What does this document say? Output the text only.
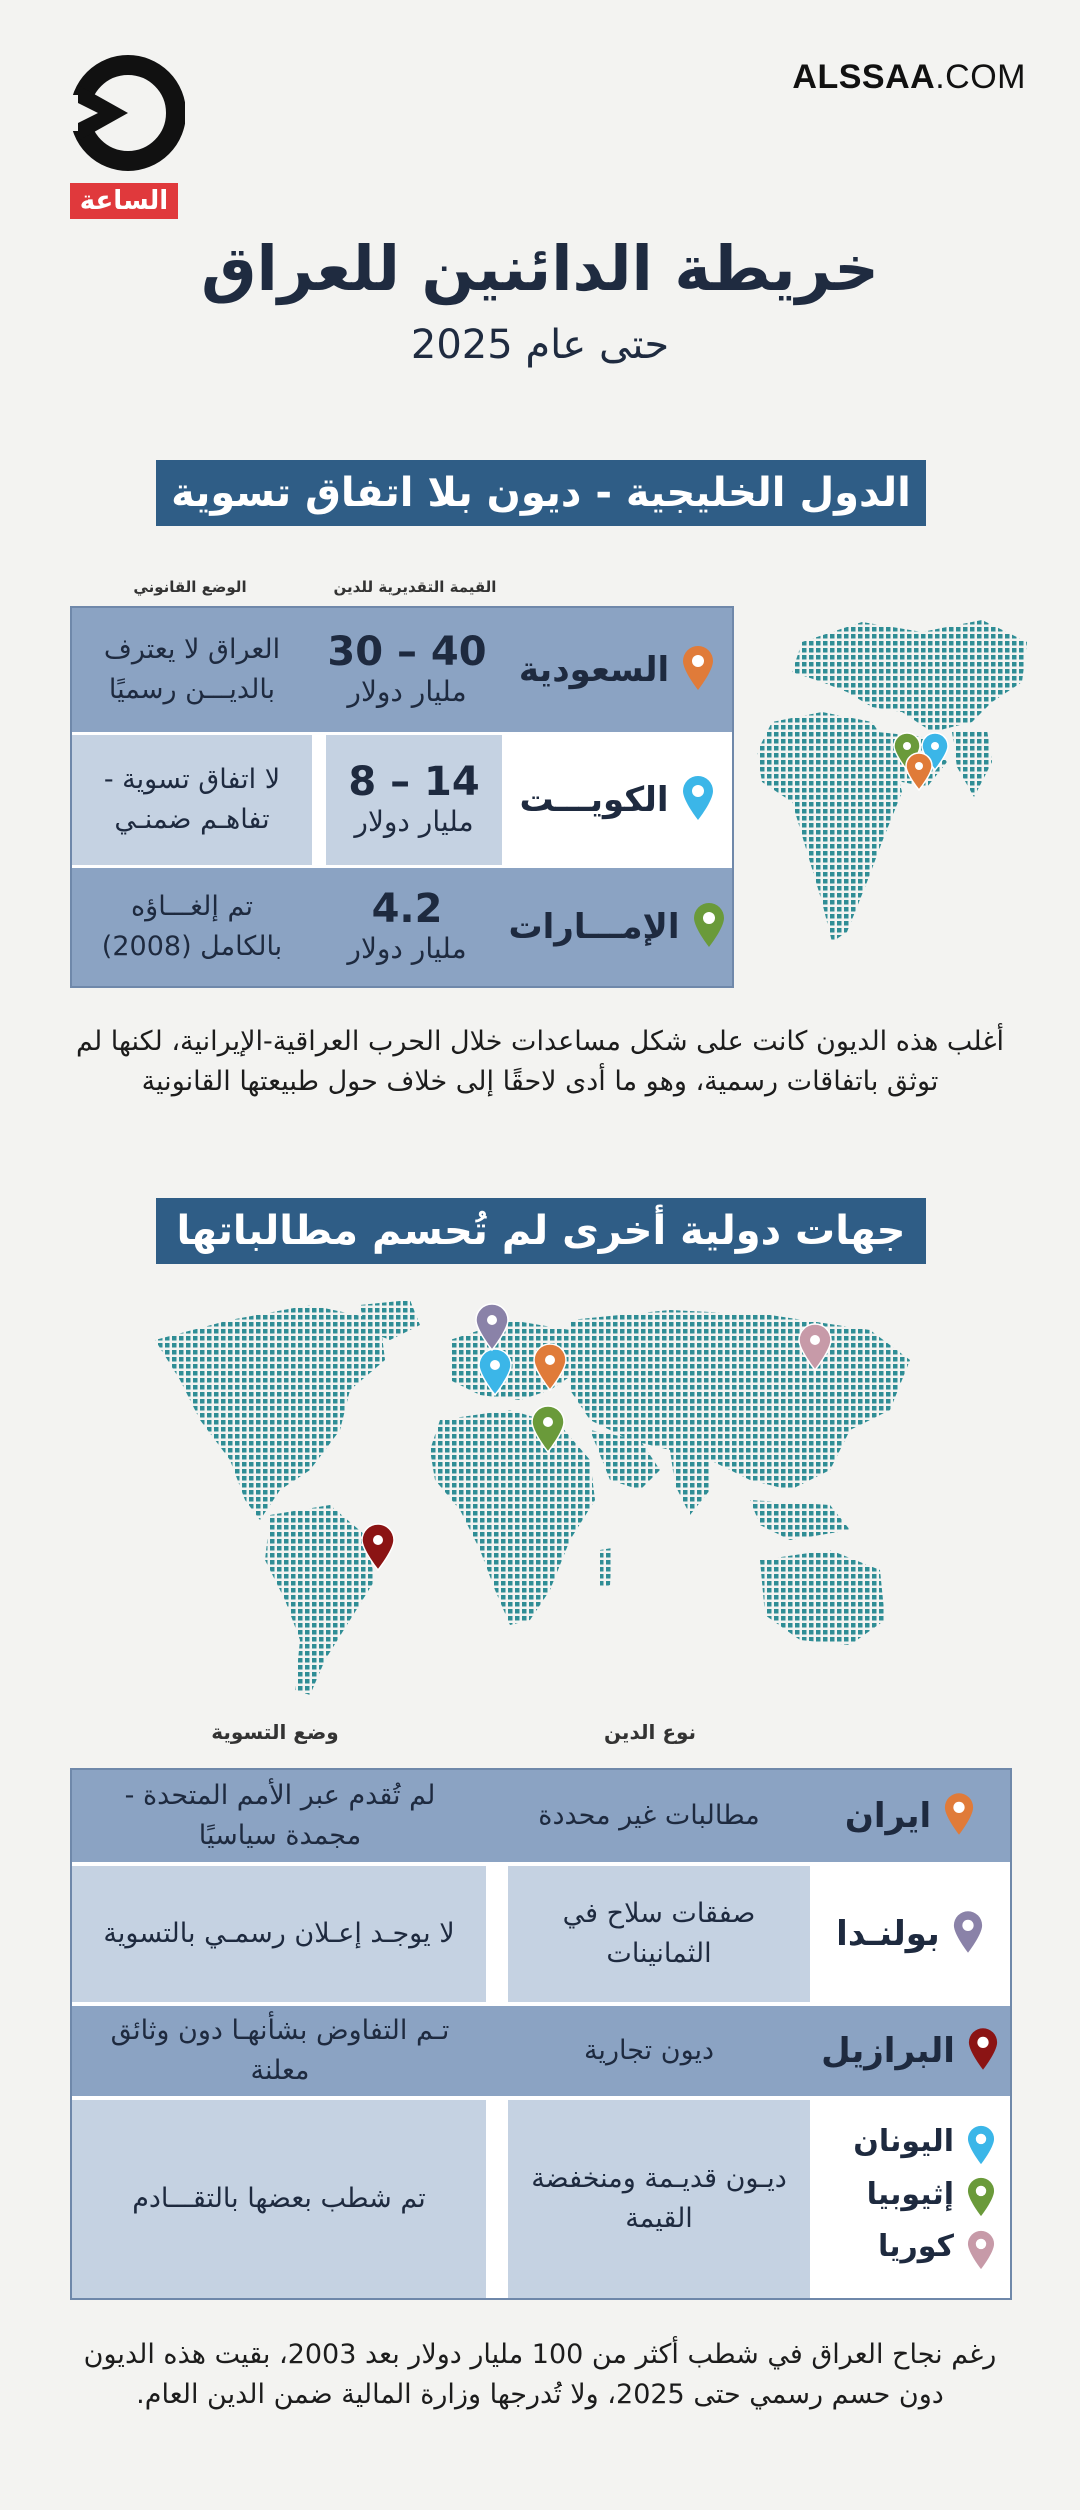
الساعة
ALSSAA.COM
خريطة الدائنين للعراق
حتى عام 2025
الدول الخليجية - ديون بلا اتفاق تسوية
القيمة التقديرية للدين
الوضع القانوني
السعودية
30 – 40
مليار دولار
العراق لا يعترف بالديـــن رسميًا
الكويـــت
8 – 14
مليار دولار
لا اتفاق تسوية - تفاهـم ضمنـي
الإمـــارات
4.2
مليار دولار
تم إلغـــاؤه بالكامل (2008)
أغلب هذه الديون كانت على شكل مساعدات خلال الحرب العراقية-الإيرانية، لكنها لم توثق باتفاقات رسمية، وهو ما أدى لاحقًا إلى خلاف حول طبيعتها القانونية
جهات دولية أخرى لم تُحسم مطالباتها
نوع الدين
وضع التسوية
ايران
مطالبات غير محددة
لم تُقدم عبر الأمم المتحدة - مجمدة سياسيًا
بولنـدا
صفقات سلاح في الثمانينات
لا يوجـد إعـلان رسمـي بالتسوية
البرازيل
ديون تجارية
تـم التفاوض بشأنهـا دون وثائق معلنة
اليونان
إثيوبيا
كوريا
ديـون قديـمة ومنخفضة القيمة
تم شطب بعضها بالتقـــادم
رغم نجاح العراق في شطب أكثر من 100 مليار دولار بعد 2003، بقيت هذه الديون دون حسم رسمي حتى 2025، ولا تُدرجها وزارة المالية ضمن الدين العام.
